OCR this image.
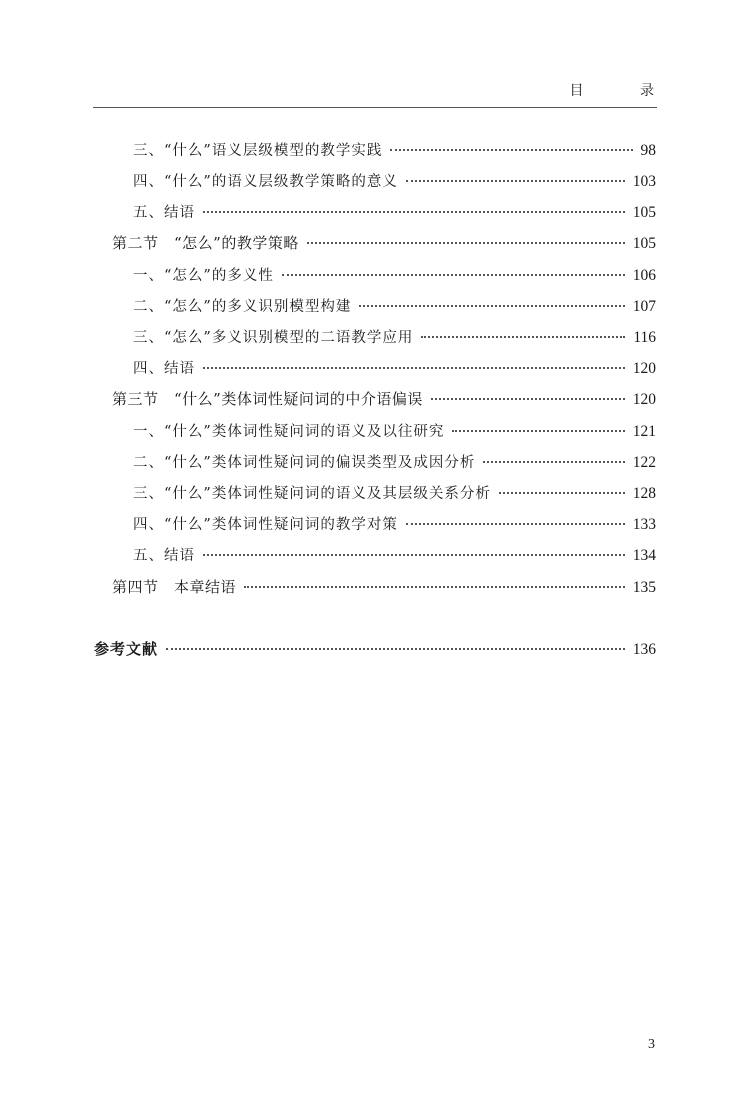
目 录
三、“什么”语义层级模型的教学实践	98
四、“什么”的语义层级教学策略的意义	103
五、结语	105
第二节　“怎么”的教学策略	105
一、“怎么”的多义性	106
二、“怎么”的多义识别模型构建	107
三、“怎么”多义识别模型的二语教学应用	116
四、结语	120
第三节　“什么”类体词性疑问词的中介语偏误	120
一、“什么”类体词性疑问词的语义及以往研究	121
二、“什么”类体词性疑问词的偏误类型及成因分析	122
三、“什么”类体词性疑问词的语义及其层级关系分析	128
四、“什么”类体词性疑问词的教学对策	133
五、结语	134
第四节　本章结语	135
参考文献	136
3
